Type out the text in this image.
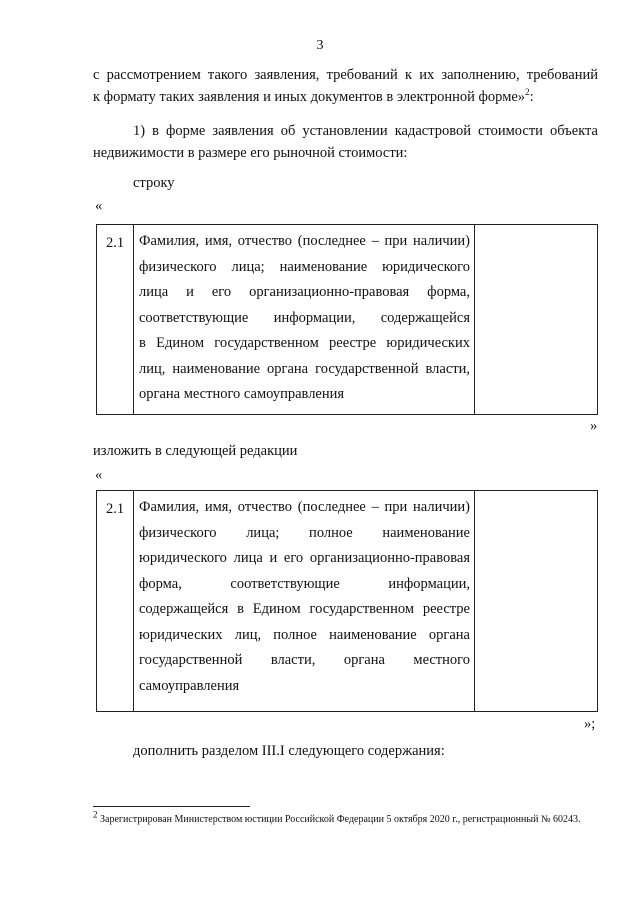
3
с рассмотрением такого заявления, требований к их заполнению, требований
к формату таких заявления и иных документов в электронной форме»$^2$:
1) в форме заявления об установлении кадастровой стоимости объекта
недвижимости в размере его рыночной стоимости:
строку
«
2.1	Фамилия, имя, отчество (последнее – при наличии)
физического лица; наименование юридического
лица и его организационно-правовая форма,
соответствующие информации, содержащейся
в Едином государственном реестре юридических
лиц, наименование органа государственной власти,
органа местного самоуправления
»
изложить в следующей редакции
«
2.1	Фамилия, имя, отчество (последнее – при наличии)
физического лица; полное наименование
юридического лица и его организационно-правовая
форма, соответствующие информации,
содержащейся в Едином государственном реестре
юридических лиц, полное наименование органа
государственной власти, органа местного
самоуправления
»;
дополнить разделом III.I следующего содержания:
$^2$ Зарегистрирован Министерством юстиции Российской Федерации 5 октября 2020 г., регистрационный № 60243.
